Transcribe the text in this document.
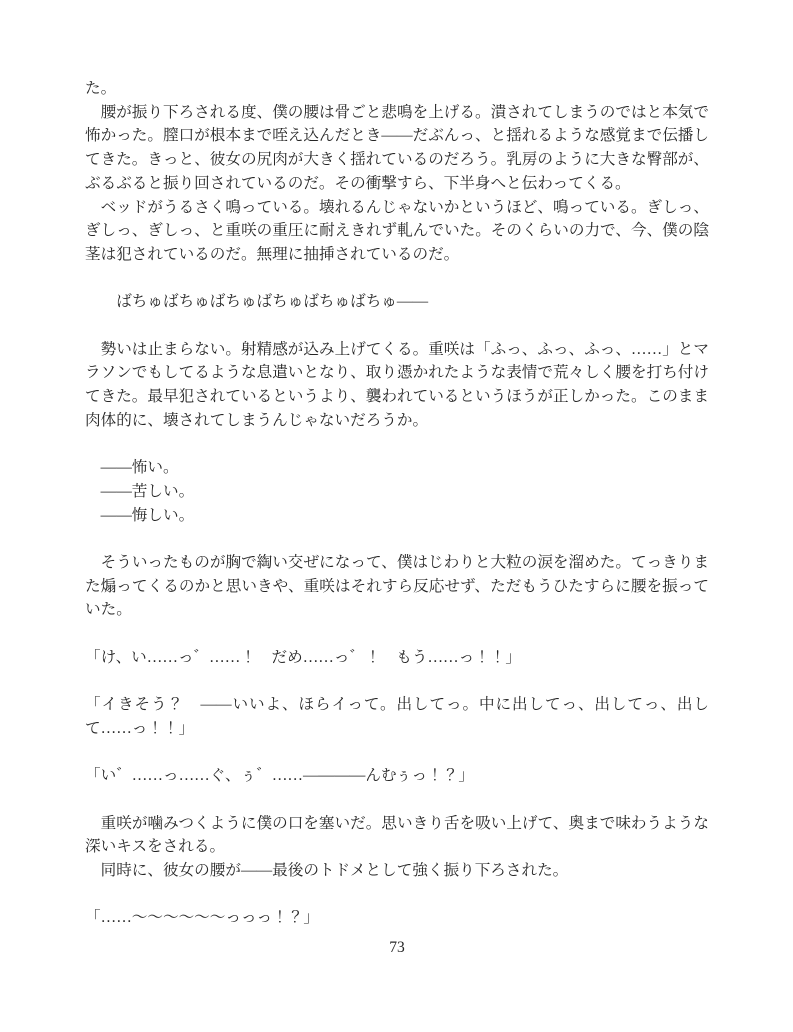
た。

　腰が振り下ろされる度、僕の腰は骨ごと悲鳴を上げる。潰されてしまうのではと本気で怖かった。膣口が根本まで咥え込んだとき――だぶんっ、と揺れるような感覚まで伝播してきた。きっと、彼女の尻肉が大きく揺れているのだろう。乳房のように大きな臀部が、ぶるぶると振り回されているのだ。その衝撃すら、下半身へと伝わってくる。

　ベッドがうるさく鳴っている。壊れるんじゃないかというほど、鳴っている。ぎしっ、ぎしっ、ぎしっ、と重咲の重圧に耐えきれず軋んでいた。そのくらいの力で、今、僕の陰茎は犯されているのだ。無理に抽挿されているのだ。

　　ばちゅばちゅばちゅばちゅばちゅばちゅ――

　勢いは止まらない。射精感が込み上げてくる。重咲は「ふっ、ふっ、ふっ、……」とマラソンでもしてるような息遣いとなり、取り憑かれたような表情で荒々しく腰を打ち付けてきた。最早犯されているというより、襲われているというほうが正しかった。このまま肉体的に、壊されてしまうんじゃないだろうか。

　――怖い。

　――苦しい。

　――悔しい。

　そういったものが胸で綯い交ぜになって、僕はじわりと大粒の涙を溜めた。てっきりまた煽ってくるのかと思いきや、重咲はそれすら反応せず、ただもうひたすらに腰を振っていた。

「け、い……っ゛……！　だめ……っ゛！　もう……っ！！」

「イきそう？　――いいよ、ほらイって。出してっ。中に出してっ、出してっ、出して……っ！！」

「い゛……っ……ぐ、ぅ゛……――――んむぅっ！？」

　重咲が噛みつくように僕の口を塞いだ。思いきり舌を吸い上げて、奥まで味わうような深いキスをされる。

　同時に、彼女の腰が――最後のトドメとして強く振り下ろされた。

「……～～～～～～っっっ！？」

73
